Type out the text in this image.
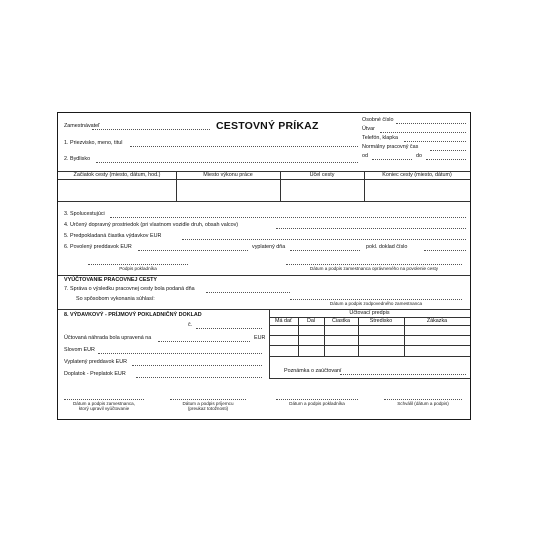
Zamestnávateľ	CESTOVNÝ PRÍKAZ	Osobné číslo
Útvar
Telefón, klapka
Normálny pracovný čas
od	do
1. Priezvisko, meno, titul
2. Bydlisko
Začiatok cesty (miesto, dátum, hod.)	Miesto výkonu práce	Účel cesty	Koniec cesty (miesto, dátum)
3. Spolucestujúci
4. Určený dopravný prostriedok (pri vlastnom vozidle druh, obsah valcov)
5. Predpokladaná čiastka výdavkov EUR
6. Povolený preddavok EUR	vyplatený dňa	pokl. doklad číslo
Podpis pokladníka	Dátum a podpis zamestnanca oprávneného na povolenie cesty
VYÚČTOVANIE PRACOVNEJ CESTY
7. Správa o výsledku pracovnej cesty bola podaná dňa
So spôsobom vykonania súhlasí:
Dátum a podpis zodpovedného zamestnanca
8. VÝDAVKOVÝ - PRÍJMOVÝ POKLADNIČNÝ DOKLAD
č.
Účtovaná náhrada bola upravená na	EUR
Slovom EUR
Vyplatený preddavok EUR
Doplatok - Preplatok EUR
Účtovací predpis
Má dať	Dal	Čiastka	Stredisko	Zákazka
Poznámka o zaúčtovaní
Dátum a podpis zamestnanca,
ktorý upravil vyúčtovanie
Dátum a podpis príjemcu
(preukaz totožnosti)
Dátum a podpis pokladníka	Schválil (dátum a podpis)
